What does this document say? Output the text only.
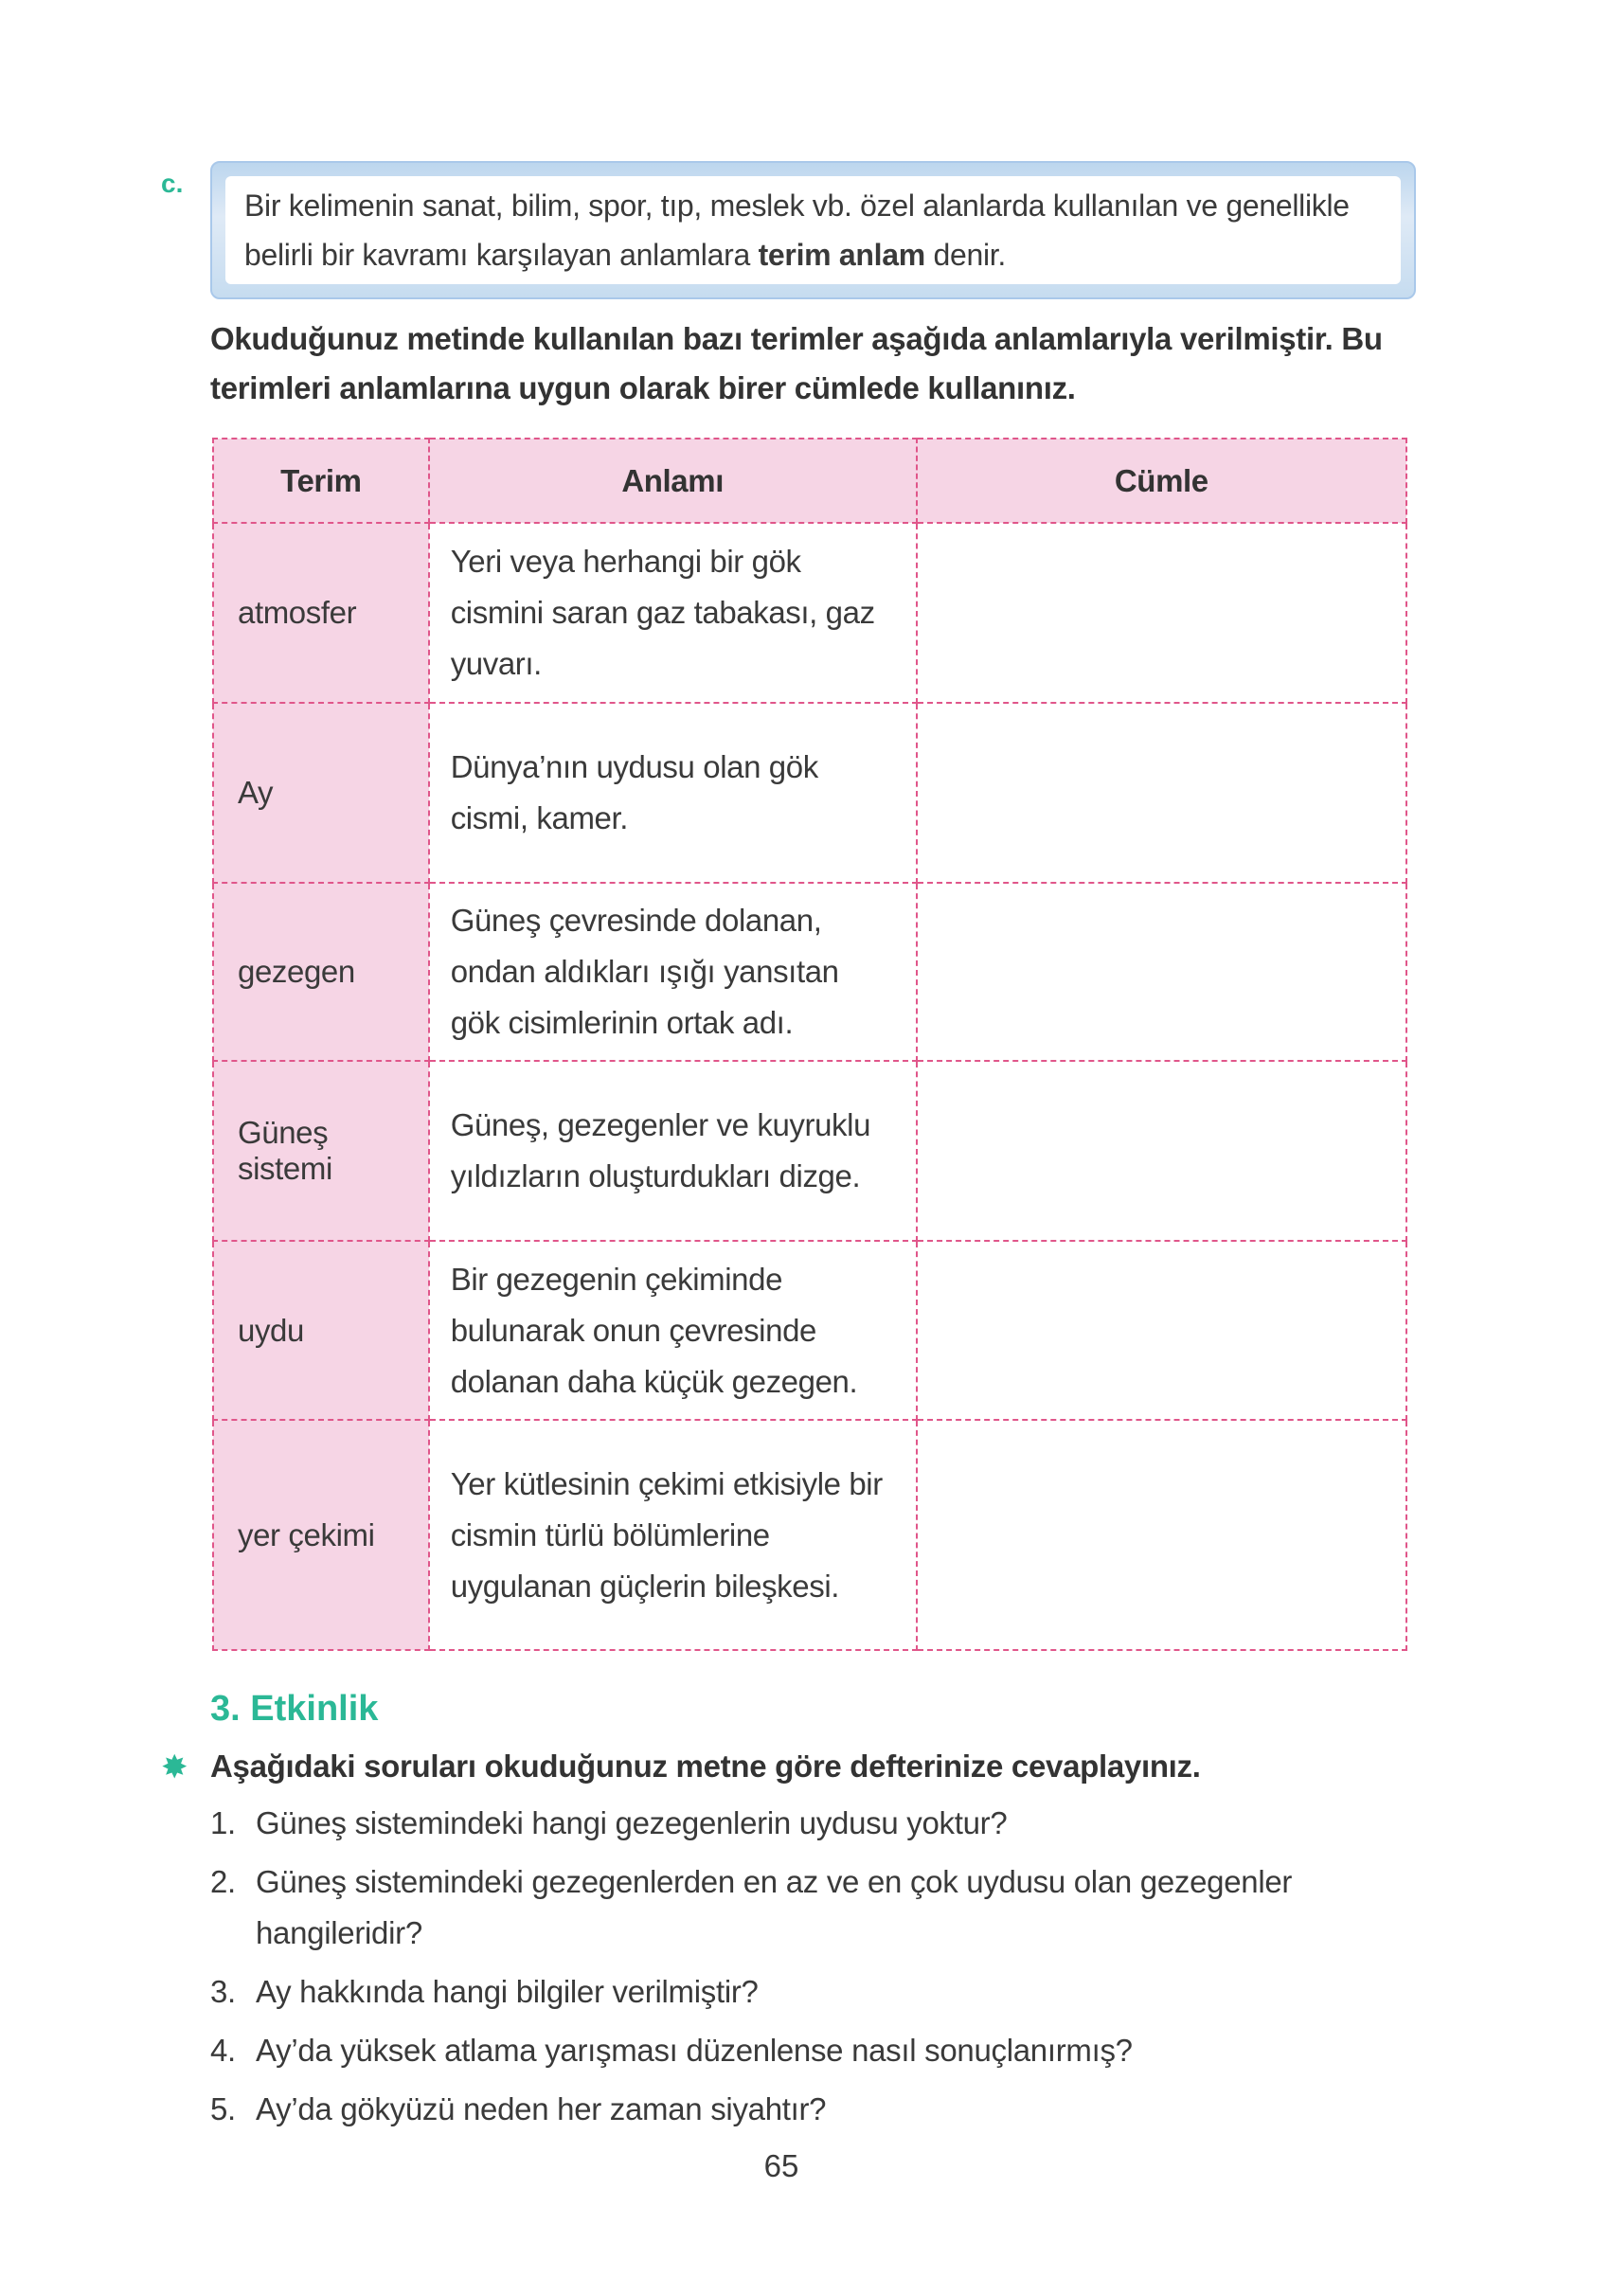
c.
Bir kelimenin sanat, bilim, spor, tıp, meslek vb. özel alanlarda kullanılan ve genellikle belirli bir kavramı karşılayan anlamlara terim anlam denir.
Okuduğunuz metinde kullanılan bazı terimler aşağıda anlamlarıyla verilmiştir. Bu terimleri anlamlarına uygun olarak birer cümlede kullanınız.
Terim	Anlamı	Cümle
atmosfer	Yeri veya herhangi bir gök cismini saran gaz tabakası, gaz yuvarı.	
Ay	Dünya’nın uydusu olan gök cismi, kamer.	
gezegen	Güneş çevresinde dolanan, ondan aldıkları ışığı yansıtan gök cisimlerinin ortak adı.	
Güneş sistemi	Güneş, gezegenler ve kuyruklu yıldızların oluşturdukları dizge.	
uydu	Bir gezegenin çekiminde bulunarak onun çevresinde dolanan daha küçük gezegen.	
yer çekimi	Yer kütlesinin çekimi etkisiyle bir cismin türlü bölümlerine uygulanan güçlerin bileşkesi.	
3. Etkinlik
✸ Aşağıdaki soruları okuduğunuz metne göre defterinize cevaplayınız.
1. Güneş sistemindeki hangi gezegenlerin uydusu yoktur?
2. Güneş sistemindeki gezegenlerden en az ve en çok uydusu olan gezegenler hangileridir?
3. Ay hakkında hangi bilgiler verilmiştir?
4. Ay’da yüksek atlama yarışması düzenlense nasıl sonuçlanırmış?
5. Ay’da gökyüzü neden her zaman siyahtır?
65
